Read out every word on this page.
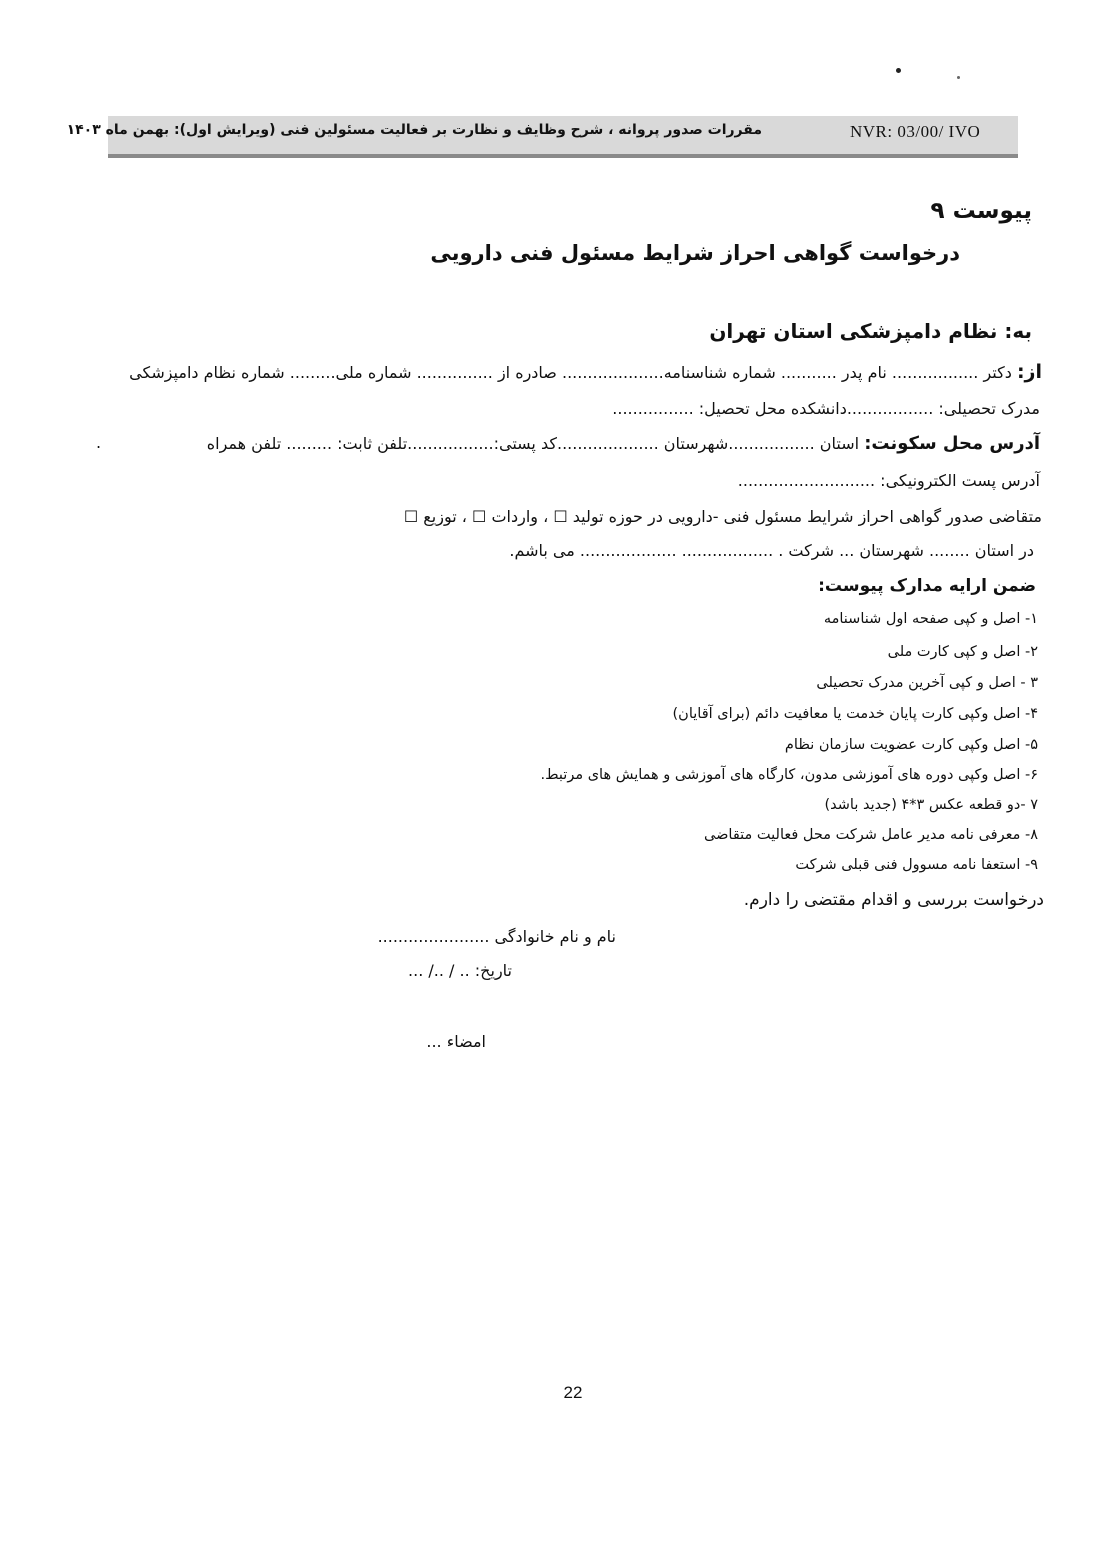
مقررات صدور پروانه ، شرح وظایف و نظارت بر فعالیت مسئولین فنی (ویرایش اول): بهمن ماه ۱۴۰۳	NVR: 03/00/ IVO
پیوست ۹
درخواست گواهی احراز شرایط مسئول فنی دارویی
به: نظام دامپزشکی استان تهران
از: دکتر ................. نام پدر ........... شماره شناسنامه.................... صادره از ............... شماره ملی......... شماره نظام دامپزشکی
مدرک تحصیلی: .................دانشکده محل تحصیل: ................
آدرس محل سکونت: استان .................شهرستان ....................کد پستی:.................تلفن ثابت: ......... تلفن همراه
.
آدرس پست الکترونیکی: ...........................
متقاضی صدور گواهی احراز شرایط مسئول فنی -دارویی در حوزه تولید ☐ ، واردات ☐ ، توزیع ☐
در استان ........ شهرستان ... شرکت . .................. ................... می باشم.
ضمن ارایه مدارک پیوست:
۱- اصل و کپی صفحه اول شناسنامه
۲- اصل و کپی کارت ملی
۳ - اصل و کپی آخرین مدرک تحصیلی
۴- اصل وکپی کارت پایان خدمت یا معافیت دائم (برای آقایان)
۵- اصل وکپی کارت عضویت سازمان نظام
۶- اصل وکپی دوره های آموزشی مدون، کارگاه های آموزشی و همایش های مرتبط.
۷ -دو قطعه عکس ۳*۴ (جدید باشد)
۸- معرفی نامه مدیر عامل شرکت محل فعالیت متقاضی
۹- استعفا نامه مسوول فنی قبلی شرکت
درخواست بررسی و اقدام مقتضی را دارم.
نام و نام خانوادگی ......................
تاریخ: .. / ../ ...
امضاء ...
22
